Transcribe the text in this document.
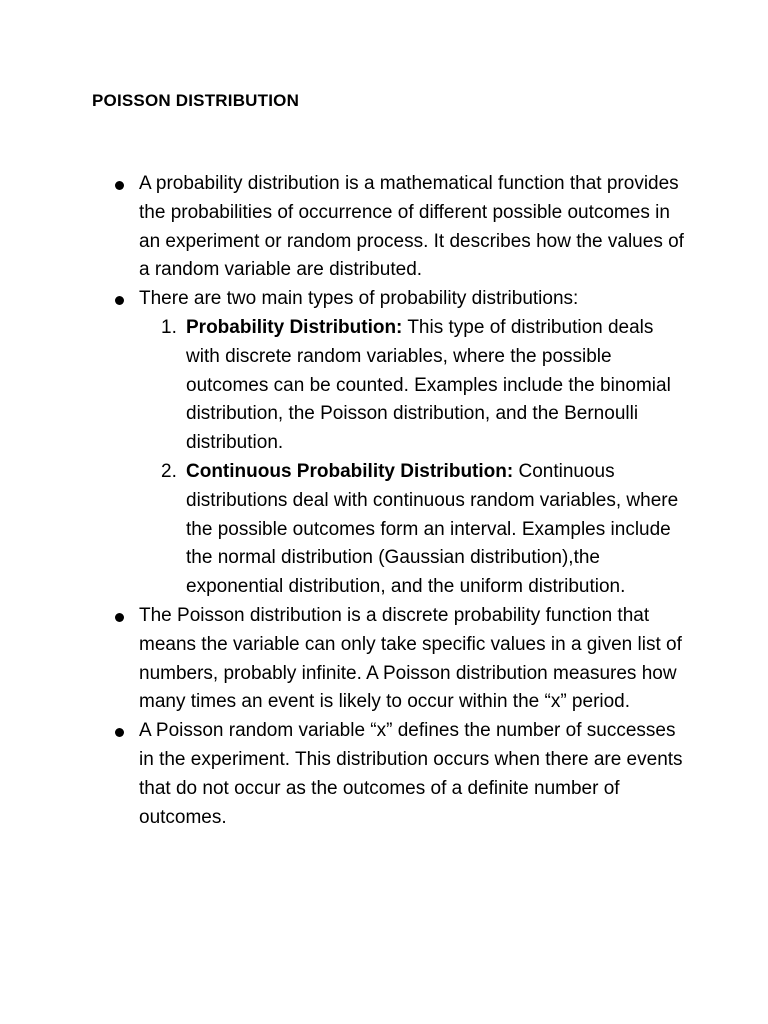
POISSON DISTRIBUTION
A probability distribution is a mathematical function that provides the probabilities of occurrence of different possible outcomes in an experiment or random process. It describes how the values of a random variable are distributed.
There are two main types of probability distributions:
1. Probability Distribution: This type of distribution deals with discrete random variables, where the possible outcomes can be counted. Examples include the binomial distribution, the Poisson distribution, and the Bernoulli distribution.
2. Continuous Probability Distribution: Continuous distributions deal with continuous random variables, where the possible outcomes form an interval. Examples include the normal distribution (Gaussian distribution),the exponential distribution, and the uniform distribution.
The Poisson distribution is a discrete probability function that means the variable can only take specific values in a given list of numbers, probably infinite. A Poisson distribution measures how many times an event is likely to occur within the “x” period.
A Poisson random variable “x” defines the number of successes in the experiment. This distribution occurs when there are events that do not occur as the outcomes of a definite number of outcomes.
